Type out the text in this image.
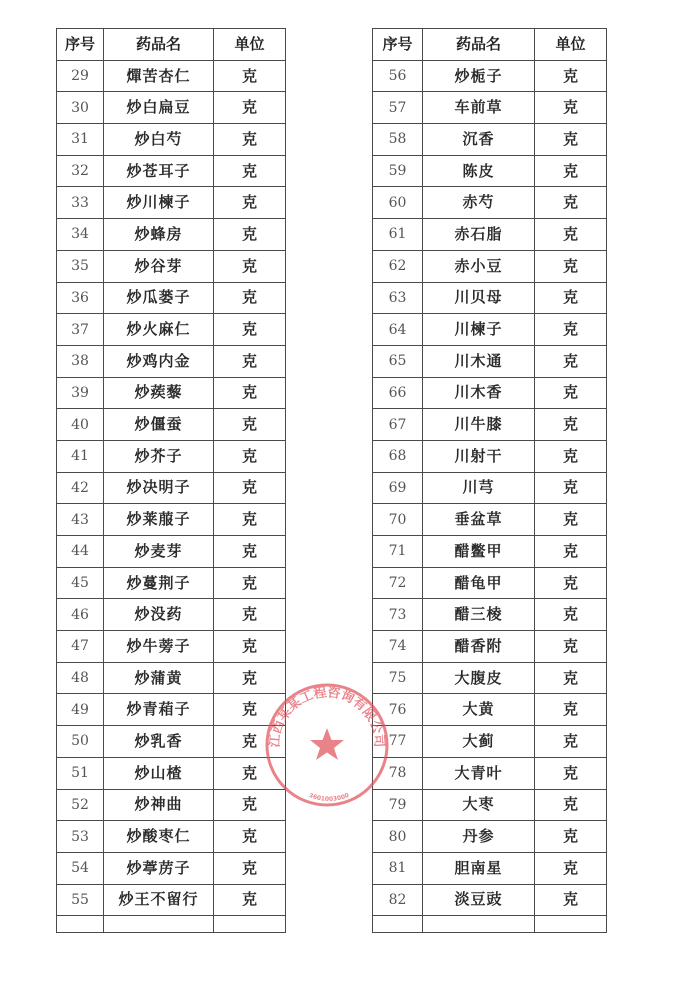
序号	药品名	单位
29	燀苦杏仁	克
30	炒白扁豆	克
31	炒白芍	克
32	炒苍耳子	克
33	炒川楝子	克
34	炒蜂房	克
35	炒谷芽	克
36	炒瓜蒌子	克
37	炒火麻仁	克
38	炒鸡内金	克
39	炒蒺藜	克
40	炒僵蚕	克
41	炒芥子	克
42	炒决明子	克
43	炒莱菔子	克
44	炒麦芽	克
45	炒蔓荆子	克
46	炒没药	克
47	炒牛蒡子	克
48	炒蒲黄	克
49	炒青葙子	克
50	炒乳香	克
51	炒山楂	克
52	炒神曲	克
53	炒酸枣仁	克
54	炒葶苈子	克
55	炒王不留行	克

序号	药品名	单位
56	炒栀子	克
57	车前草	克
58	沉香	克
59	陈皮	克
60	赤芍	克
61	赤石脂	克
62	赤小豆	克
63	川贝母	克
64	川楝子	克
65	川木通	克
66	川木香	克
67	川牛膝	克
68	川射干	克
69	川芎	克
70	垂盆草	克
71	醋鳖甲	克
72	醋龟甲	克
73	醋三棱	克
74	醋香附	克
75	大腹皮	克
76	大黄	克
77	大蓟	克
78	大青叶	克
79	大枣	克
80	丹参	克
81	胆南星	克
82	淡豆豉	克

江西某某工程咨询有限公司
3601003000
